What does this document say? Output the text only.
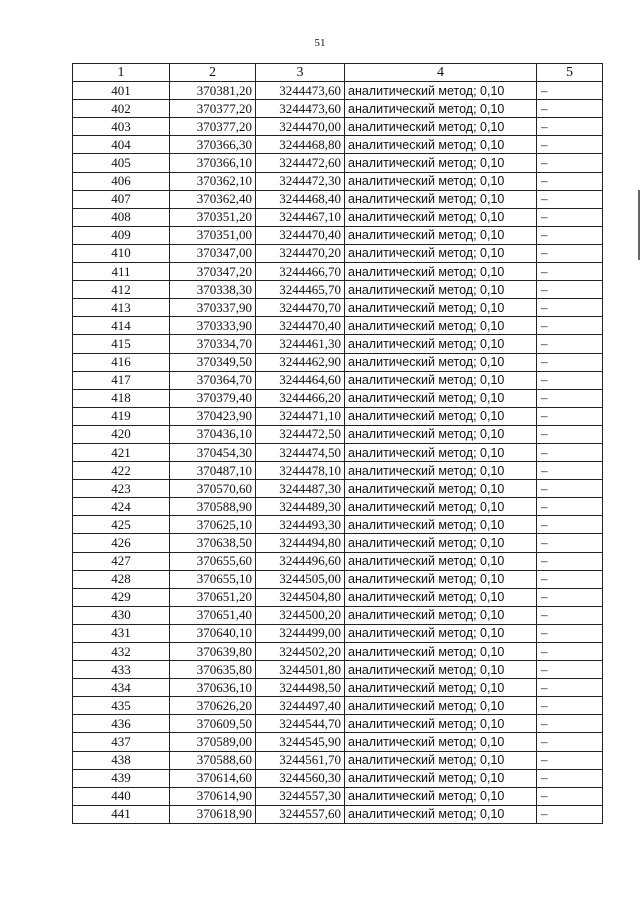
51
1	2	3	4	5
401	370381,20	3244473,60	аналитический метод; 0,10	–
402	370377,20	3244473,60	аналитический метод; 0,10	–
403	370377,20	3244470,00	аналитический метод; 0,10	–
404	370366,30	3244468,80	аналитический метод; 0,10	–
405	370366,10	3244472,60	аналитический метод; 0,10	–
406	370362,10	3244472,30	аналитический метод; 0,10	–
407	370362,40	3244468,40	аналитический метод; 0,10	–
408	370351,20	3244467,10	аналитический метод; 0,10	–
409	370351,00	3244470,40	аналитический метод; 0,10	–
410	370347,00	3244470,20	аналитический метод; 0,10	–
411	370347,20	3244466,70	аналитический метод; 0,10	–
412	370338,30	3244465,70	аналитический метод; 0,10	–
413	370337,90	3244470,70	аналитический метод; 0,10	–
414	370333,90	3244470,40	аналитический метод; 0,10	–
415	370334,70	3244461,30	аналитический метод; 0,10	–
416	370349,50	3244462,90	аналитический метод; 0,10	–
417	370364,70	3244464,60	аналитический метод; 0,10	–
418	370379,40	3244466,20	аналитический метод; 0,10	–
419	370423,90	3244471,10	аналитический метод; 0,10	–
420	370436,10	3244472,50	аналитический метод; 0,10	–
421	370454,30	3244474,50	аналитический метод; 0,10	–
422	370487,10	3244478,10	аналитический метод; 0,10	–
423	370570,60	3244487,30	аналитический метод; 0,10	–
424	370588,90	3244489,30	аналитический метод; 0,10	–
425	370625,10	3244493,30	аналитический метод; 0,10	–
426	370638,50	3244494,80	аналитический метод; 0,10	–
427	370655,60	3244496,60	аналитический метод; 0,10	–
428	370655,10	3244505,00	аналитический метод; 0,10	–
429	370651,20	3244504,80	аналитический метод; 0,10	–
430	370651,40	3244500,20	аналитический метод; 0,10	–
431	370640,10	3244499,00	аналитический метод; 0,10	–
432	370639,80	3244502,20	аналитический метод; 0,10	–
433	370635,80	3244501,80	аналитический метод; 0,10	–
434	370636,10	3244498,50	аналитический метод; 0,10	–
435	370626,20	3244497,40	аналитический метод; 0,10	–
436	370609,50	3244544,70	аналитический метод; 0,10	–
437	370589,00	3244545,90	аналитический метод; 0,10	–
438	370588,60	3244561,70	аналитический метод; 0,10	–
439	370614,60	3244560,30	аналитический метод; 0,10	–
440	370614,90	3244557,30	аналитический метод; 0,10	–
441	370618,90	3244557,60	аналитический метод; 0,10	–
